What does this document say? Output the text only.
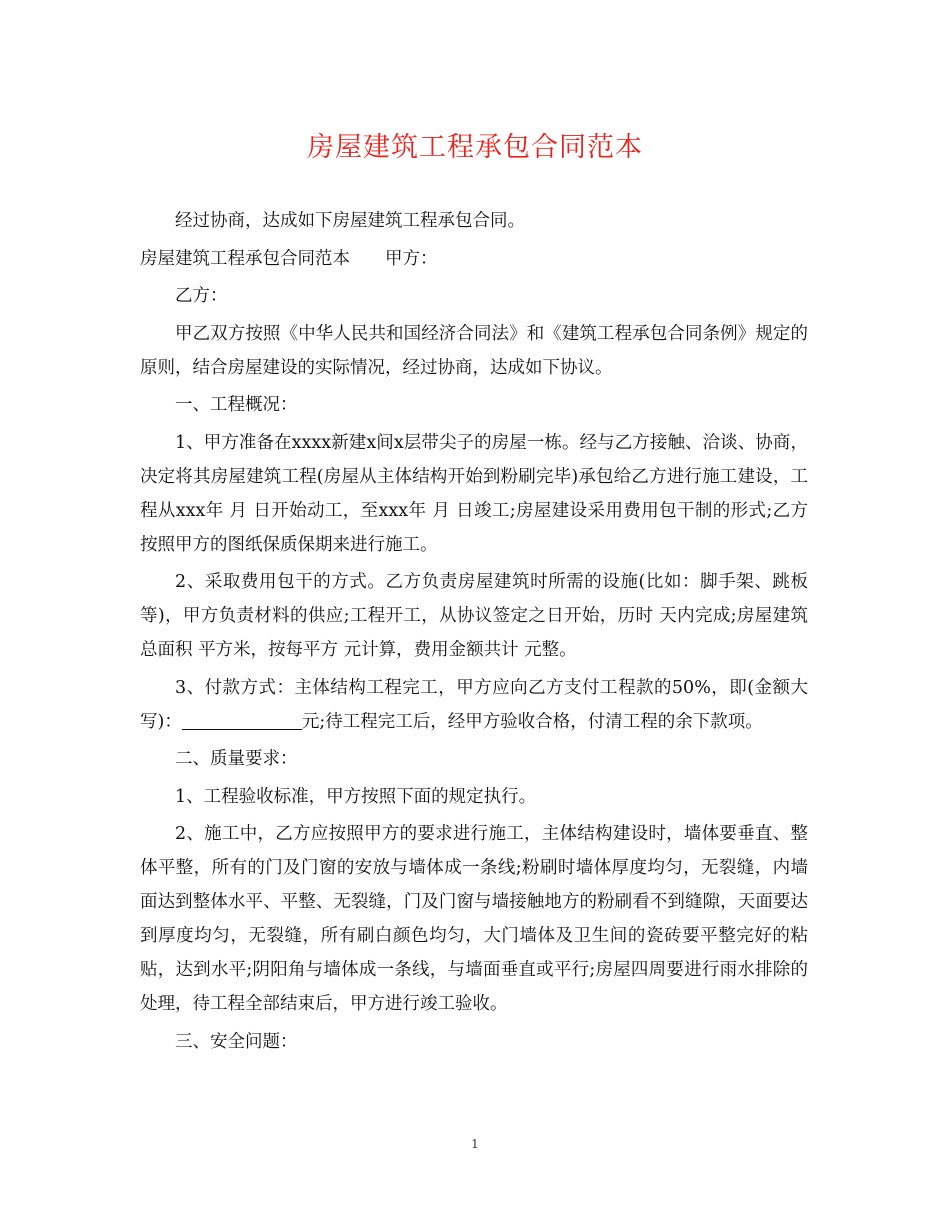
房屋建筑工程承包合同范本

经过协商，达成如下房屋建筑工程承包合同。

房屋建筑工程承包合同范本　　甲方：

乙方：

甲乙双方按照《中华人民共和国经济合同法》和《建筑工程承包合同条例》规定的原则，结合房屋建设的实际情况，经过协商，达成如下协议。

一、工程概况：

1、甲方准备在xxxx新建x间x层带尖子的房屋一栋。经与乙方接触、洽谈、协商，决定将其房屋建筑工程(房屋从主体结构开始到粉刷完毕)承包给乙方进行施工建设，工程从xxx年 月 日开始动工，至xxx年 月 日竣工;房屋建设采用费用包干制的形式;乙方按照甲方的图纸保质保期来进行施工。

2、采取费用包干的方式。乙方负责房屋建筑时所需的设施(比如：脚手架、跳板等)，甲方负责材料的供应;工程开工，从协议签定之日开始，历时 天内完成;房屋建筑总面积 平方米，按每平方 元计算，费用金额共计 元整。

3、付款方式：主体结构工程完工，甲方应向乙方支付工程款的50%，即(金额大写)：	元;待工程完工后，经甲方验收合格，付清工程的余下款项。

二、质量要求：

1、工程验收标准，甲方按照下面的规定执行。

2、施工中，乙方应按照甲方的要求进行施工，主体结构建设时，墙体要垂直、整体平整，所有的门及门窗的安放与墙体成一条线;粉刷时墙体厚度均匀，无裂缝，内墙面达到整体水平、平整、无裂缝，门及门窗与墙接触地方的粉刷看不到缝隙，天面要达到厚度均匀，无裂缝，所有刷白颜色均匀，大门墙体及卫生间的瓷砖要平整完好的粘贴，达到水平;阴阳角与墙体成一条线，与墙面垂直或平行;房屋四周要进行雨水排除的处理，待工程全部结束后，甲方进行竣工验收。

三、安全问题：

1
